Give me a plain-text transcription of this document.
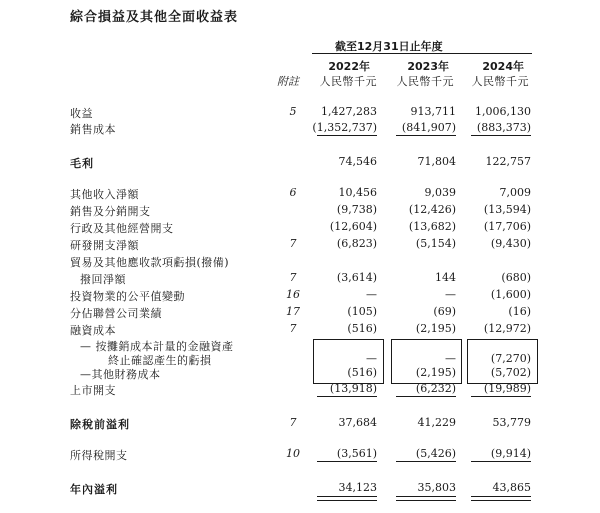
綜合損益及其他全面收益表
截至12月31日止年度
2022年	2023年	2024年
附註	人民幣千元	人民幣千元	人民幣千元
收益	5	1,427,283	913,711	1,006,130
銷售成本	(1,352,737)	(841,907)	(883,373)
毛利	74,546	71,804	122,757
其他收入淨額	6	10,456	9,039	7,009
銷售及分銷開支	(9,738)	(12,426)	(13,594)
行政及其他經營開支	(12,604)	(13,682)	(17,706)
研發開支淨額	7	(6,823)	(5,154)	(9,430)
貿易及其他應收款項虧損(撥備)
撥回淨額	7	(3,614)	144	(680)
投資物業的公平值變動	16	—	—	(1,600)
分佔聯營公司業績	17	(105)	(69)	(16)
融資成本	7	(516)	(2,195)	(12,972)
— 按攤銷成本計量的金融資產
終止確認產生的虧損	—	—	(7,270)
—其他財務成本	(516)	(2,195)	(5,702)
上市開支	(13,918)	(6,232)	(19,989)
除稅前溢利	7	37,684	41,229	53,779
所得稅開支	10	(3,561)	(5,426)	(9,914)
年內溢利	34,123	35,803	43,865
